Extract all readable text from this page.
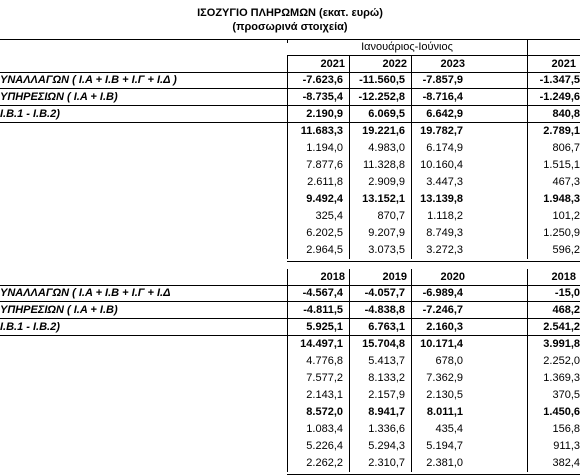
ΙΣΟΖΥΓΙΟ ΠΛΗΡΩΜΩΝ (εκατ. ευρώ)
(προσωρινά στοιχεία)
Ιανουάριος-Ιούνιος
2021	2022	2023	2021
ΥΝΑΛΛΑΓΩΝ ( Ι.Α + Ι.Β + Ι.Γ + Ι.Δ )	-7.623,6	-11.560,5	-7.857,9	-1.347,5
ΥΠΗΡΕΣΙΩΝ ( Ι.Α + Ι.Β)	-8.735,4	-12.252,8	-8.716,4	-1.249,6
Ι.Β.1 - Ι.Β.2)	2.190,9	6.069,5	6.642,9	840,8
11.683,3	19.221,6	19.782,7	2.789,1
1.194,0	4.983,0	6.174,9	806,7
7.877,6	11.328,8	10.160,4	1.515,1
2.611,8	2.909,9	3.447,3	467,3
9.492,4	13.152,1	13.139,8	1.948,3
325,4	870,7	1.118,2	101,2
6.202,5	9.207,9	8.749,3	1.250,9
2.964,5	3.073,5	3.272,3	596,2
2018	2019	2020	2018
ΥΝΑΛΛΑΓΩΝ ( Ι.Α + Ι.Β + Ι.Γ + Ι.Δ	-4.567,4	-4.057,7	-6.989,4	-15,0
ΥΠΗΡΕΣΙΩΝ ( Ι.Α + Ι.Β)	-4.811,5	-4.838,8	-7.246,7	468,2
Ι.Β.1 - Ι.Β.2)	5.925,1	6.763,1	2.160,3	2.541,2
14.497,1	15.704,8	10.171,4	3.991,8
4.776,8	5.413,7	678,0	2.252,0
7.577,2	8.133,2	7.362,9	1.369,3
2.143,1	2.157,9	2.130,5	370,5
8.572,0	8.941,7	8.011,1	1.450,6
1.083,4	1.336,6	435,4	156,8
5.226,4	5.294,3	5.194,7	911,3
2.262,2	2.310,7	2.381,0	382,4
